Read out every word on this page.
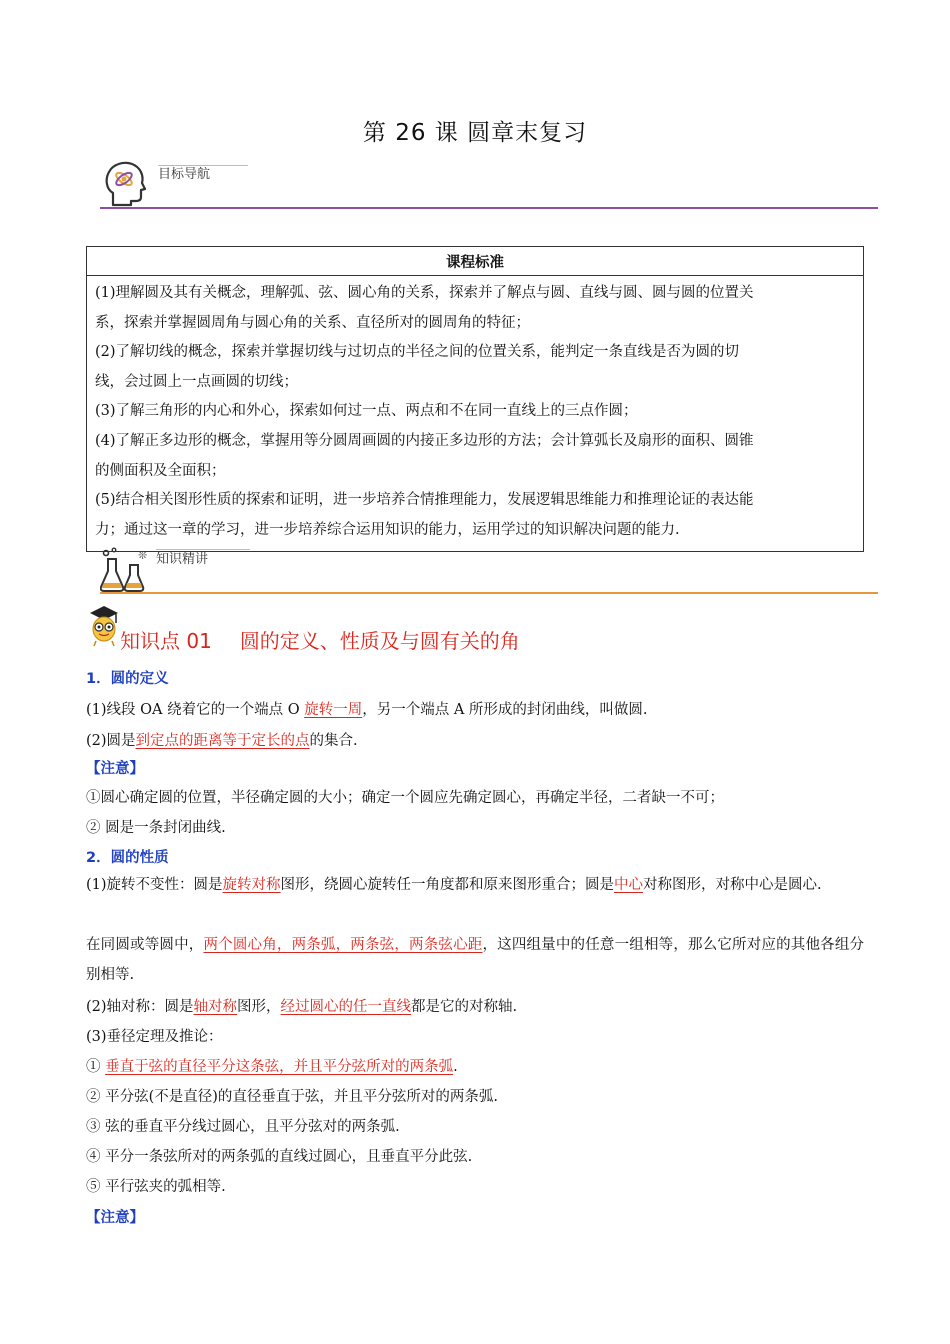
第 26 课 圆章末复习
目标导航
课程标准

(1)理解圆及其有关概念，理解弧、弦、圆心角的关系，探索并了解点与圆、直线与圆、圆与圆的位置关
系，探索并掌握圆周角与圆心角的关系、直径所对的圆周角的特征；
(2)了解切线的概念，探索并掌握切线与过切点的半径之间的位置关系，能判定一条直线是否为圆的切
线，会过圆上一点画圆的切线；
(3)了解三角形的内心和外心，探索如何过一点、两点和不在同一直线上的三点作圆；
(4)了解正多边形的概念，掌握用等分圆周画圆的内接正多边形的方法；会计算弧长及扇形的面积、圆锥
的侧面积及全面积；
(5)结合相关图形性质的探索和证明，进一步培养合情推理能力，发展逻辑思维能力和推理论证的表达能
力；通过这一章的学习，进一步培养综合运用知识的能力，运用学过的知识解决问题的能力.
❊ 知识精讲
知识点 01 圆的定义、性质及与圆有关的角
1．圆的定义
(1)线段 OA 绕着它的一个端点 O 旋转一周，另一个端点 A 所形成的封闭曲线，叫做圆.
(2)圆是到定点的距离等于定长的点的集合.
【注意】
①圆心确定圆的位置，半径确定圆的大小；确定一个圆应先确定圆心，再确定半径，二者缺一不可；
② 圆是一条封闭曲线.
2．圆的性质
(1)旋转不变性：圆是旋转对称图形，绕圆心旋转任一角度都和原来图形重合；圆是中心对称图形，对称中心是圆心.
在同圆或等圆中，两个圆心角，两条弧，两条弦，两条弦心距，这四组量中的任意一组相等，那么它所对应的其他各组分别相等.
(2)轴对称：圆是轴对称图形，经过圆心的任一直线都是它的对称轴.
(3)垂径定理及推论：
① 垂直于弦的直径平分这条弦，并且平分弦所对的两条弧.
② 平分弦(不是直径)的直径垂直于弦，并且平分弦所对的两条弧.
③ 弦的垂直平分线过圆心，且平分弦对的两条弧.
④ 平分一条弦所对的两条弧的直线过圆心，且垂直平分此弦.
⑤ 平行弦夹的弧相等.
【注意】
